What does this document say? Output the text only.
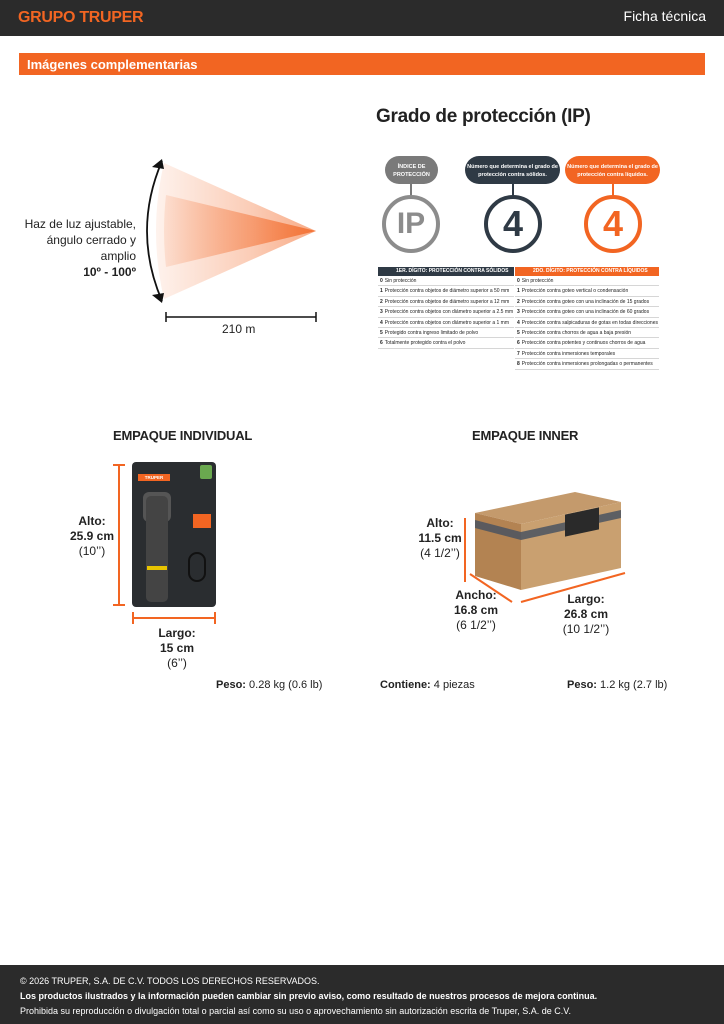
GRUPO TRUPER	Ficha técnica
Imágenes complementarias
Haz de luz ajustable,
ángulo cerrado y amplio
10º - 100º
210 m
Grado de protección (IP)
ÍNDICE DE PROTECCIÓN
Número que determina el grado de protección contra sólidos.
Número que determina el grado de protección contra líquidos.
IP	4	4
1ER. DÍGITO: PROTECCIÓN CONTRA SÓLIDOS
0 Sin protección
1 Protección contra objetos de diámetro superior a 50 mm
2 Protección contra objetos de diámetro superior a 12 mm
3 Protección contra objetos con diámetro superior a 2.5 mm
4 Protección contra objetos con diámetro superior a 1 mm
5 Protegido contra ingreso limitado de polvo
6 Totalmente protegido contra el polvo
2DO. DÍGITO: PROTECCIÓN CONTRA LÍQUIDOS
0 Sin protección
1 Protección contra goteo vertical o condensación
2 Protección contra goteo con una inclinación de 15 grados
3 Protección contra goteo con una inclinación de 60 grados
4 Protección contra salpicaduras de gotas en todas direcciones
5 Protección contra chorros de agua a baja presión
6 Protección contra potentes y continuos chorros de agua
7 Protección contra inmersiones temporales
8 Protección contra inmersiones prolongadas o permanentes
EMPAQUE INDIVIDUAL
TRUPER
Alto:
25.9 cm
(10’’)
Largo:
15 cm
(6’’)
Peso: 0.28 kg (0.6 lb)
EMPAQUE INNER
Alto:
11.5 cm
(4 1/2’’)
Ancho:
16.8 cm
(6 1/2’’)
Largo:
26.8 cm
(10 1/2’’)
Contiene: 4 piezas	Peso: 1.2 kg (2.7 lb)
© 2026 TRUPER, S.A. DE C.V. TODOS LOS DERECHOS RESERVADOS.
Los productos ilustrados y la información pueden cambiar sin previo aviso, como resultado de nuestros procesos de mejora continua.
Prohibida su reproducción o divulgación total o parcial así como su uso o aprovechamiento sin autorización escrita de Truper, S.A. de C.V.
